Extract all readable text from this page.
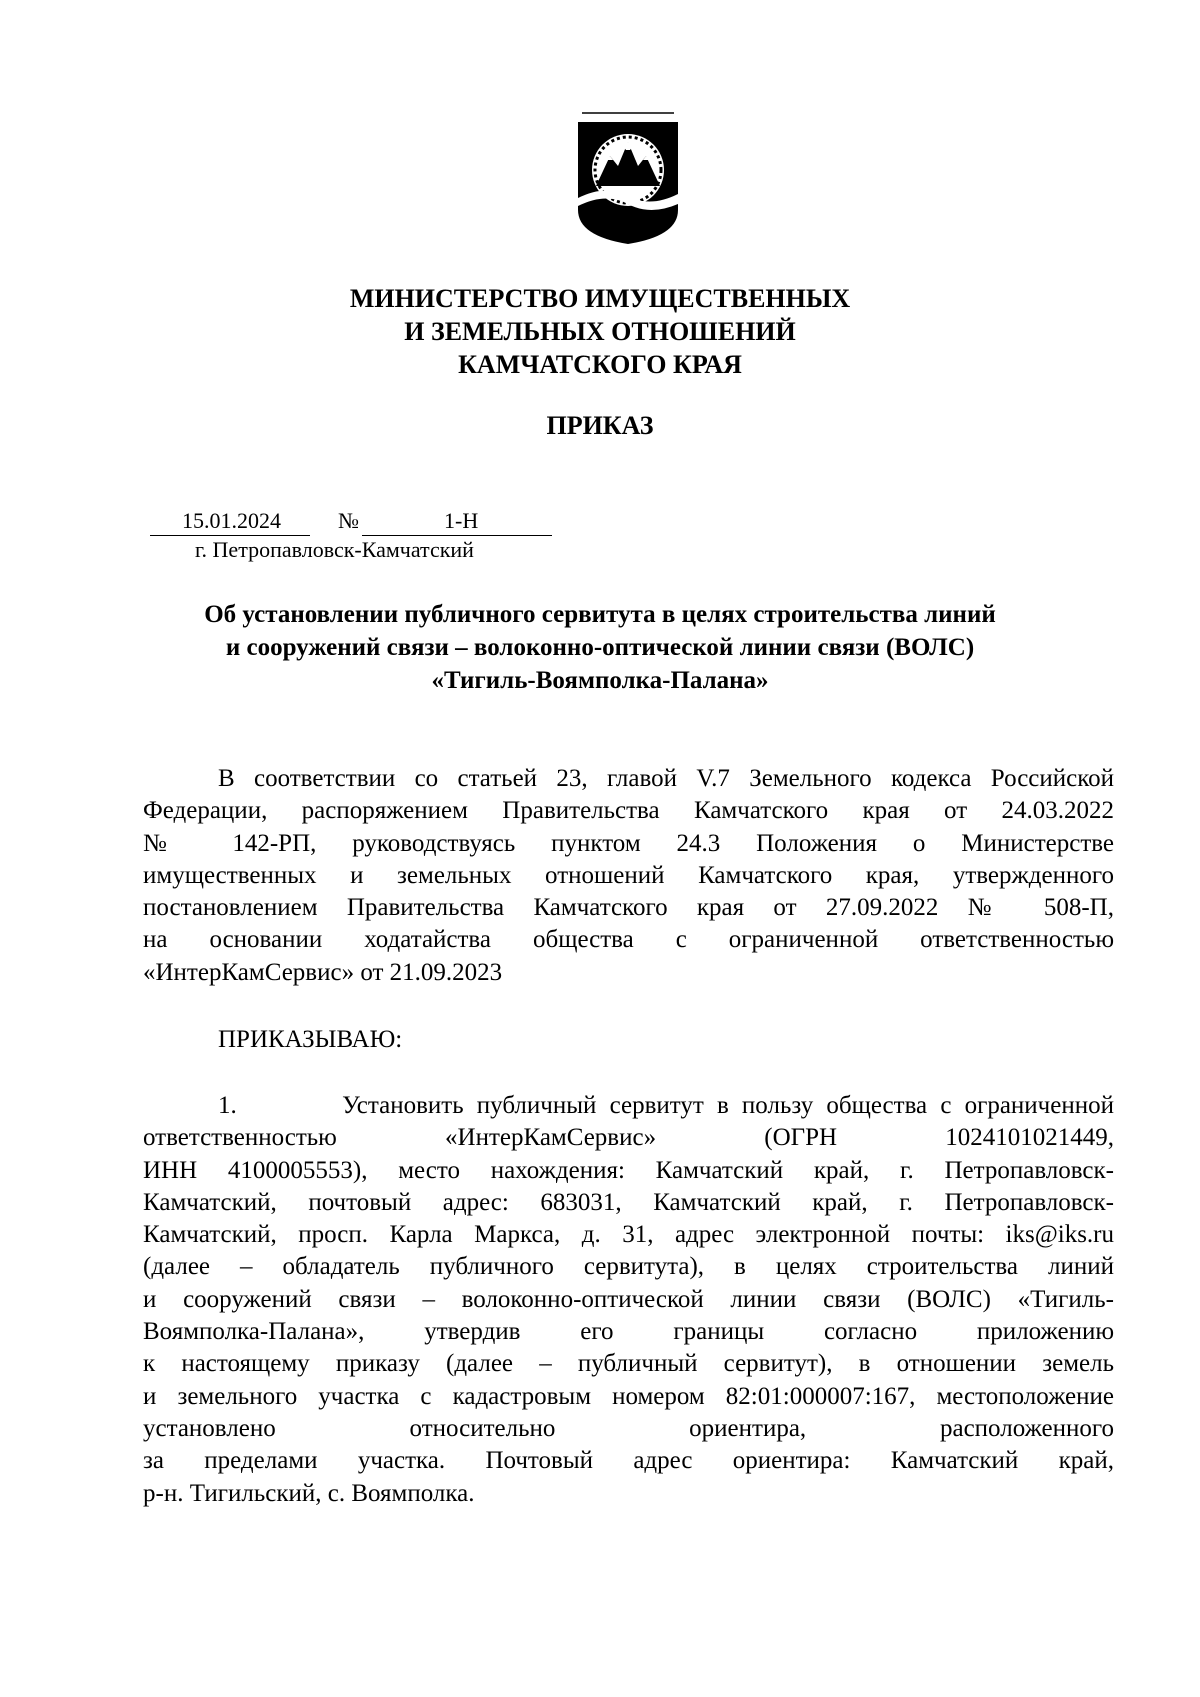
МИНИСТЕРСТВО ИМУЩЕСТВЕННЫХ
И ЗЕМЕЛЬНЫХ ОТНОШЕНИЙ
КАМЧАТСКОГО КРАЯ
ПРИКАЗ
15.01.2024	№	1-Н
г. Петропавловск-Камчатский
Об установлении публичного сервитута в целях строительства линий
и сооружений связи – волоконно-оптической линии связи (ВОЛС)
«Тигиль-Воямполка-Палана»
В соответствии со статьей 23, главой V.7 Земельного кодекса Российской
Федерации, распоряжением Правительства Камчатского края от 24.03.2022
№ 142-РП, руководствуясь пунктом 24.3 Положения о Министерстве
имущественных и земельных отношений Камчатского края, утвержденного
постановлением Правительства Камчатского края от 27.09.2022 № 508-П,
на основании ходатайства общества с ограниченной ответственностью
«ИнтерКамСервис» от 21.09.2023
ПРИКАЗЫВАЮ:
1.        Установить публичный сервитут в пользу общества с ограниченной
ответственностью «ИнтерКамСервис» (ОГРН 1024101021449,
ИНН 4100005553), место нахождения: Камчатский край, г. Петропавловск-
Камчатский, почтовый адрес: 683031, Камчатский край, г. Петропавловск-
Камчатский, просп. Карла Маркса, д. 31, адрес электронной почты: iks@iks.ru
(далее – обладатель публичного сервитута), в целях строительства линий
и сооружений связи – волоконно-оптической линии связи (ВОЛС) «Тигиль-
Воямполка-Палана», утвердив его границы согласно приложению
к настоящему приказу (далее – публичный сервитут), в отношении земель
и земельного участка с кадастровым номером 82:01:000007:167, местоположение
установлено относительно ориентира, расположенного
за пределами участка. Почтовый адрес ориентира: Камчатский край,
р-н. Тигильский, с. Воямполка.
